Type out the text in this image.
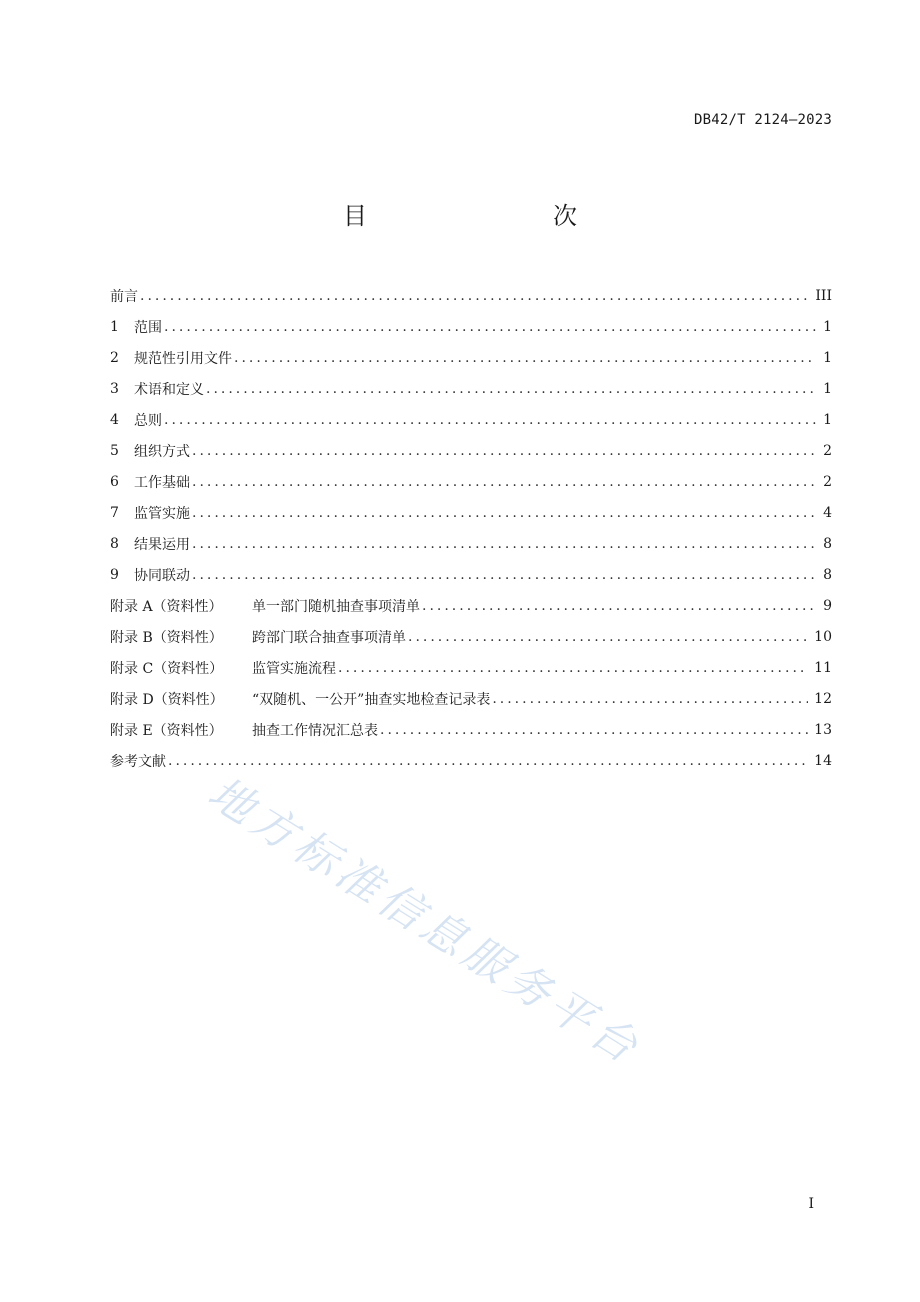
DB42/T 2124—2023
目　　次
前言 .....	III
1	范围 .....	1
2	规范性引用文件 .....	1
3	术语和定义 .....	1
4	总则 .....	1
5	组织方式 .....	2
6	工作基础 .....	2
7	监管实施 .....	4
8	结果运用 .....	8
9	协同联动 .....	8
附录 A（资料性）	单一部门随机抽查事项清单 .....	9
附录 B（资料性）	跨部门联合抽查事项清单 .....	10
附录 C（资料性）	监管实施流程 .....	11
附录 D（资料性）	“双随机、一公开”抽查实地检查记录表 .....	12
附录 E（资料性）	抽查工作情况汇总表 .....	13
参考文献 .....	14
地方标准信息服务平台
I
